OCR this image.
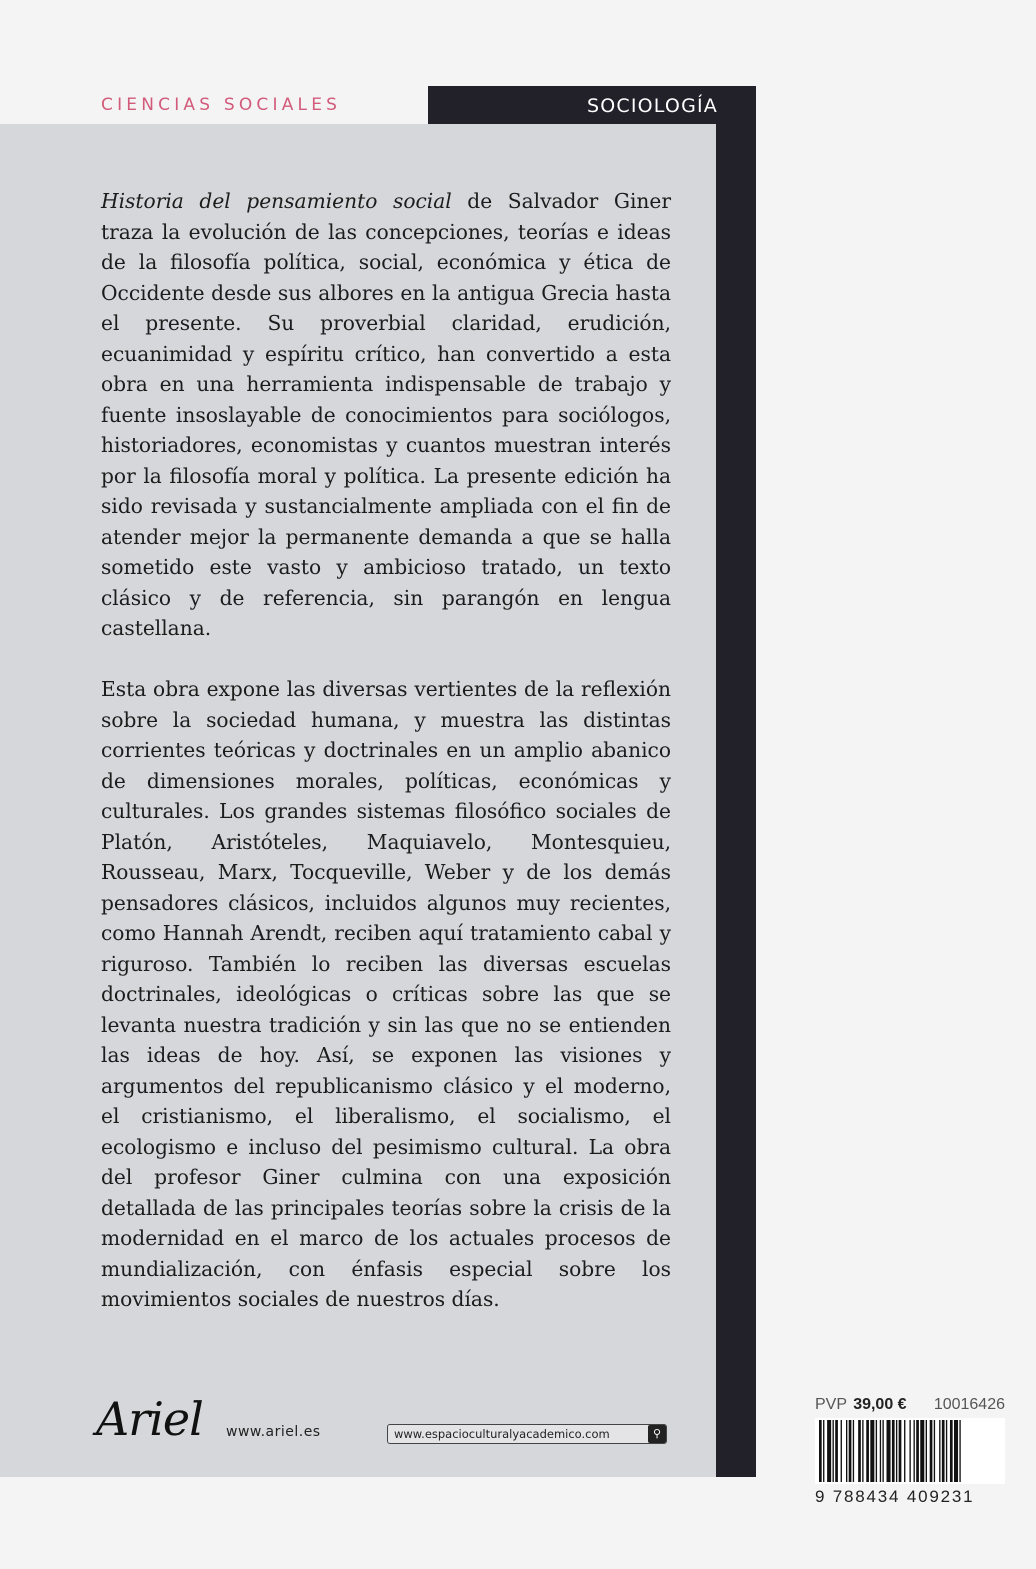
SOCIOLOGÍA
CIENCIAS SOCIALES

Historia del pensamiento social de Salvador Giner traza la evolución de las concepciones, teorías e ideas de la filosofía política, social, económica y ética de Occidente desde sus albores en la antigua Grecia hasta el presente. Su proverbial claridad, erudición, ecuanimidad y espíritu crítico, han convertido a esta obra en una herramienta indispensable de trabajo y fuente insoslayable de conocimientos para sociólogos, historiadores, economistas y cuantos muestran interés por la filosofía moral y política. La presente edición ha sido revisada y sustancialmente ampliada con el fin de atender mejor la permanente demanda a que se halla sometido este vasto y ambicioso tratado, un texto clásico y de referencia, sin parangón en lengua castellana.

Esta obra expone las diversas vertientes de la reflexión sobre la sociedad humana, y muestra las distintas corrientes teóricas y doctrinales en un amplio abanico de dimensiones morales, políticas, económicas y culturales. Los grandes sistemas filosófico sociales de Platón, Aristóteles, Maquiavelo, Montesquieu, Rousseau, Marx, Tocqueville, Weber y de los demás pensadores clásicos, incluidos algunos muy recientes, como Hannah Arendt, reciben aquí tratamiento cabal y riguroso. También lo reciben las diversas escuelas doctrinales, ideológicas o críticas sobre las que se levanta nuestra tradición y sin las que no se entienden las ideas de hoy. Así, se exponen las visiones y argumentos del republicanismo clásico y el moderno, el cristianismo, el liberalismo, el socialismo, el ecologismo e incluso del pesimismo cultural. La obra del profesor Giner culmina con una exposición detallada de las principales teorías sobre la crisis de la modernidad en el marco de los actuales procesos de mundialización, con énfasis especial sobre los movimientos sociales de nuestros días.

Ariel www.ariel.es	www.espacioculturalyacademico.com	⚲
PVP 39,00 € 10016426
9 788434 409231
